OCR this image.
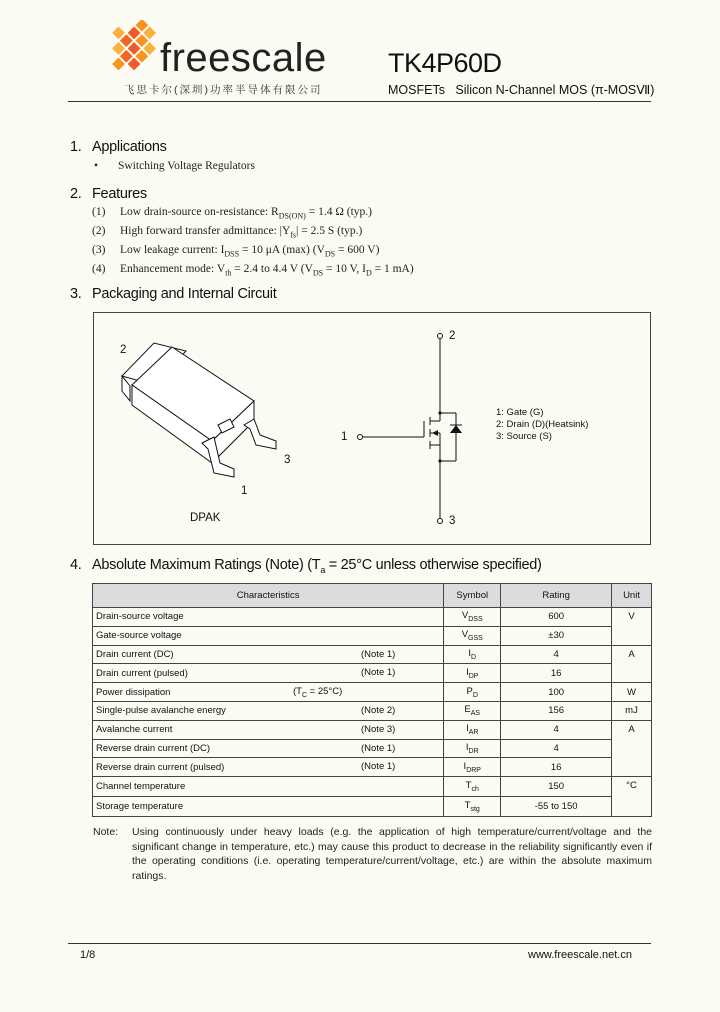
freescale
飞思卡尔(深圳)功率半导体有限公司
TK4P60D
MOSFETs   Silicon N-Channel MOS (π-MOSⅦ)
1. Applications
• Switching Voltage Regulators
2. Features
(1) Low drain-source on-resistance: $R_{DS(ON)} = 1.4$ Ω (typ.)
(2) High forward transfer admittance: $|Y_{fs}| = 2.5$ S (typ.)
(3) Low leakage current: $I_{DSS} = 10$ μA (max) ($V_{DS} = 600$ V)
(4) Enhancement mode: $V_{th} = 2.4$ to 4.4 V ($V_{DS} = 10$ V, $I_D = 1$ mA)
3. Packaging and Internal Circuit
2
3
1
DPAK
2
1
3
1: Gate (G)
2: Drain (D)(Heatsink)
3: Source (S)
4. Absolute Maximum Ratings (Note) ($T_a = 25^\circ C$ unless otherwise specified)
Characteristics	Symbol	Rating	Unit
Drain-source voltage	$V_{DSS}$	600	V
Gate-source voltage	$V_{GSS}$	±30	
Drain current (DC) (Note 1)	$I_D$	4	A
Drain current (pulsed) (Note 1)	$I_{DP}$	16	
Power dissipation $(T_C = 25^\circ C)$	$P_D$	100	W
Single-pulse avalanche energy (Note 2)	$E_{AS}$	156	mJ
Avalanche current (Note 3)	$I_{AR}$	4	A
Reverse drain current (DC) (Note 1)	$I_{DR}$	4	
Reverse drain current (pulsed) (Note 1)	$I_{DRP}$	16	
Channel temperature	$T_{ch}$	150	°C
Storage temperature	$T_{stg}$	-55 to 150	
Note: Using continuously under heavy loads (e.g. the application of high temperature/current/voltage and the significant change in temperature, etc.) may cause this product to decrease in the reliability significantly even if the operating conditions (i.e. operating temperature/current/voltage, etc.) are within the absolute maximum ratings.
1/8	www.freescale.net.cn
